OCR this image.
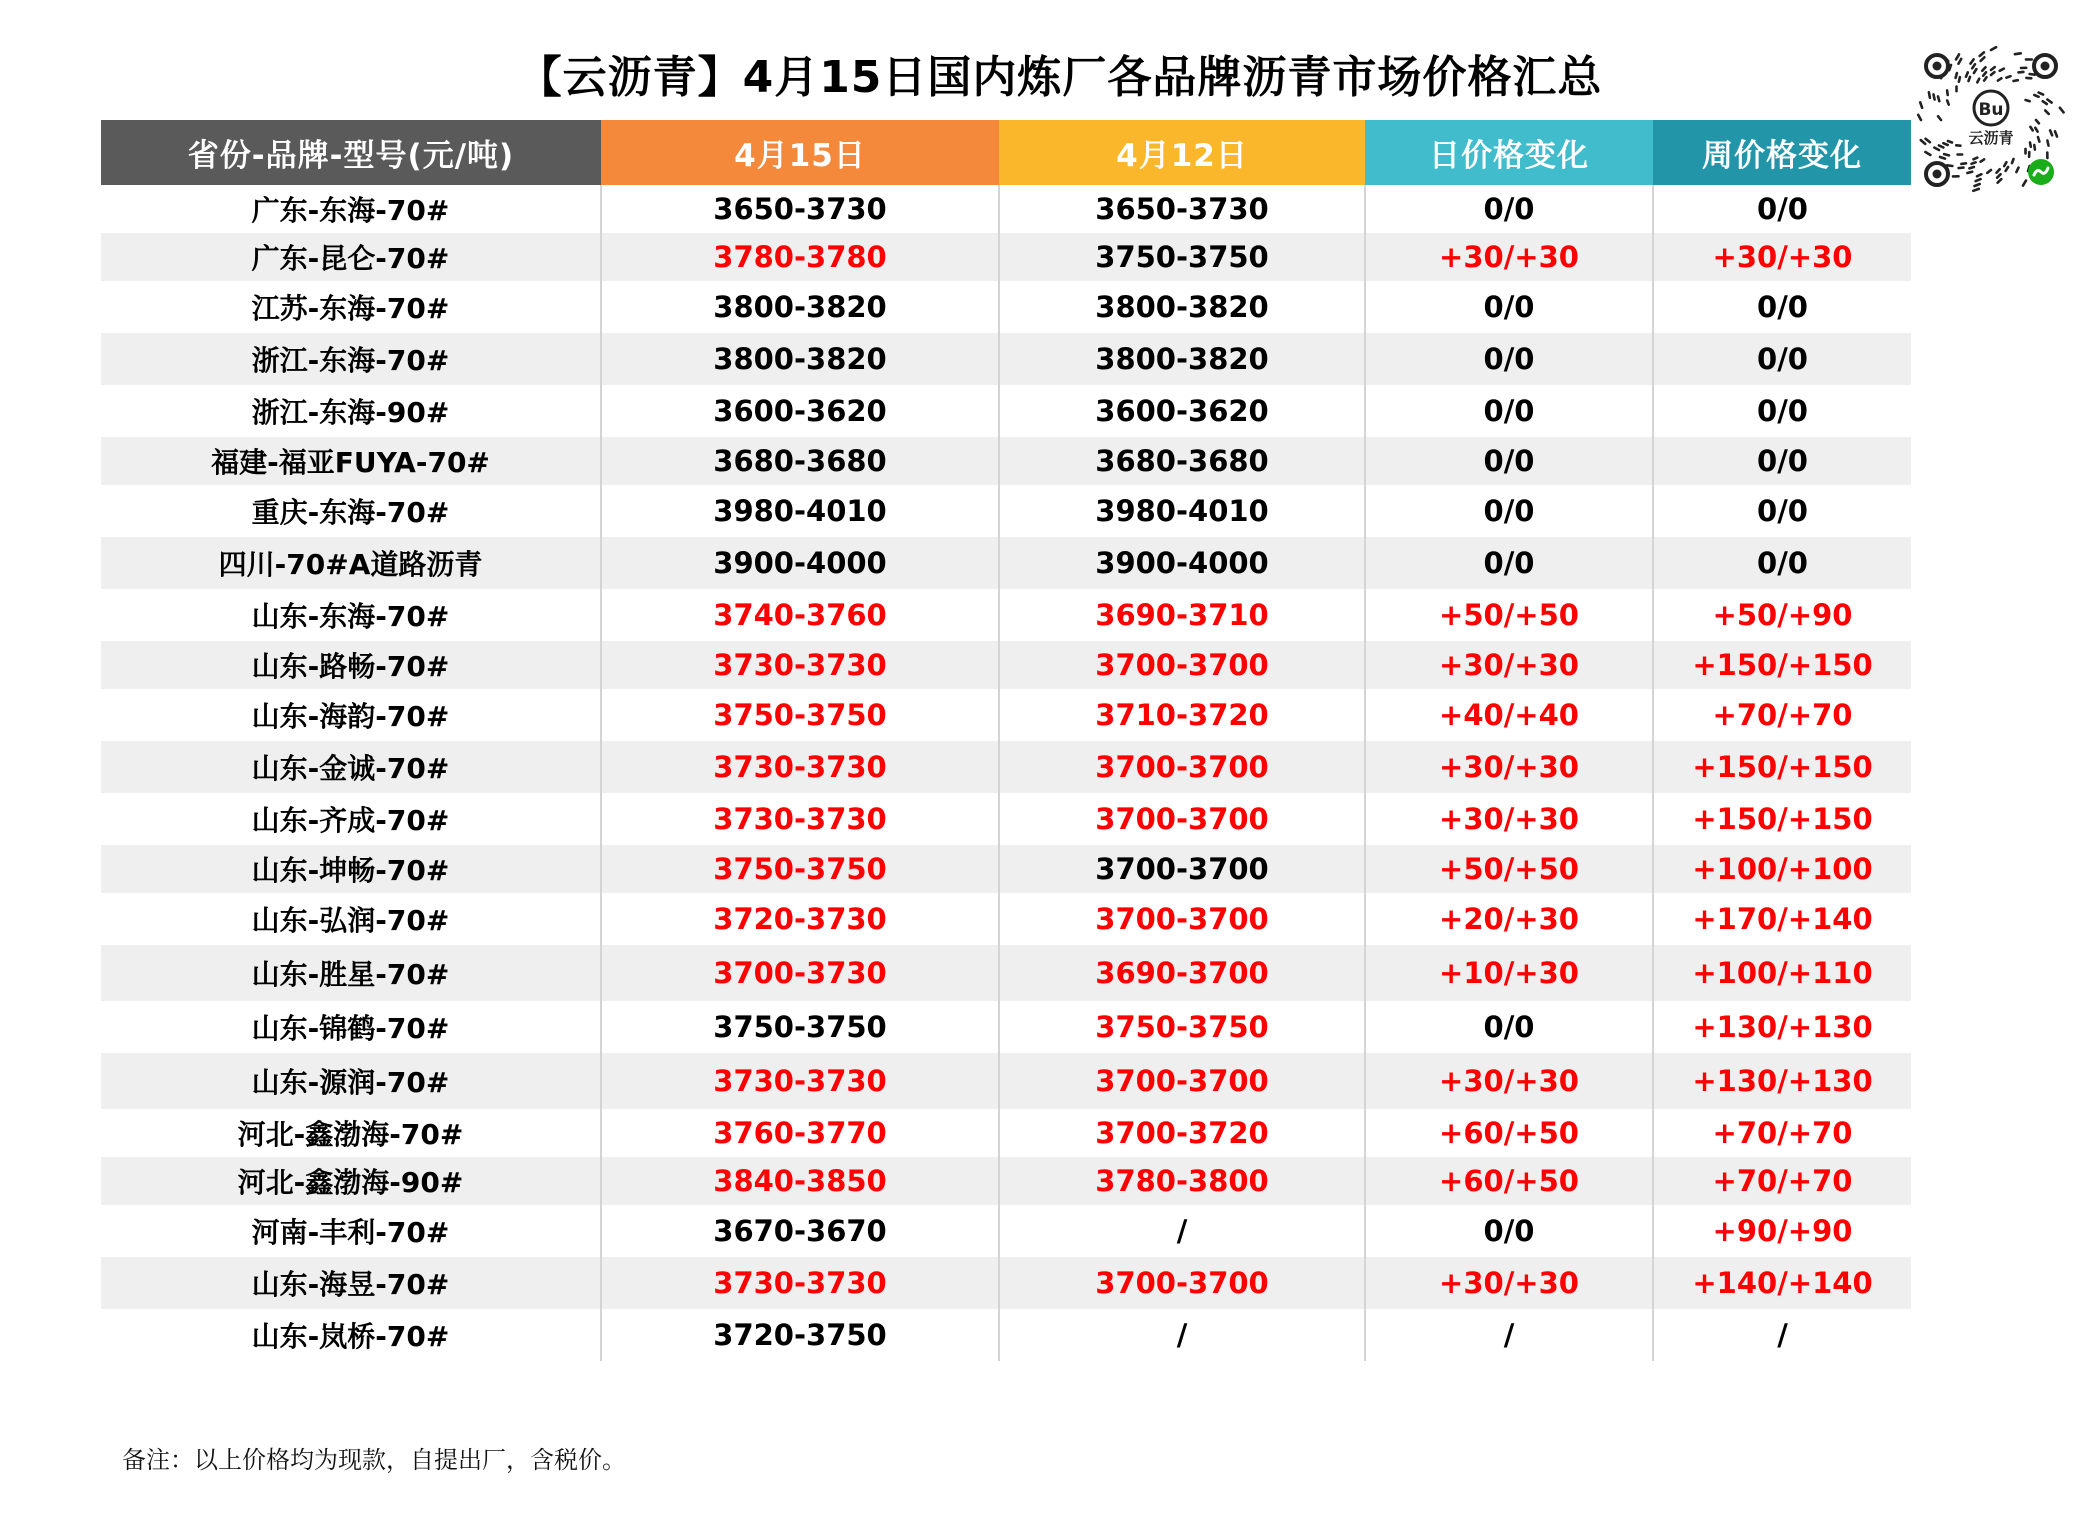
【云沥青】4月15日国内炼厂各品牌沥青市场价格汇总
省份-品牌-型号(元/吨)	4月15日	4月12日	日价格变化	周价格变化
广东-东海-70#	3650-3730	3650-3730	0/0	0/0
广东-昆仑-70#	3780-3780	3750-3750	+30/+30	+30/+30
江苏-东海-70#	3800-3820	3800-3820	0/0	0/0
浙江-东海-70#	3800-3820	3800-3820	0/0	0/0
浙江-东海-90#	3600-3620	3600-3620	0/0	0/0
福建-福亚FUYA-70#	3680-3680	3680-3680	0/0	0/0
重庆-东海-70#	3980-4010	3980-4010	0/0	0/0
四川-70#A道路沥青	3900-4000	3900-4000	0/0	0/0
山东-东海-70#	3740-3760	3690-3710	+50/+50	+50/+90
山东-路畅-70#	3730-3730	3700-3700	+30/+30	+150/+150
山东-海韵-70#	3750-3750	3710-3720	+40/+40	+70/+70
山东-金诚-70#	3730-3730	3700-3700	+30/+30	+150/+150
山东-齐成-70#	3730-3730	3700-3700	+30/+30	+150/+150
山东-坤畅-70#	3750-3750	3700-3700	+50/+50	+100/+100
山东-弘润-70#	3720-3730	3700-3700	+20/+30	+170/+140
山东-胜星-70#	3700-3730	3690-3700	+10/+30	+100/+110
山东-锦鹤-70#	3750-3750	3750-3750	0/0	+130/+130
山东-源润-70#	3730-3730	3700-3700	+30/+30	+130/+130
河北-鑫渤海-70#	3760-3770	3700-3720	+60/+50	+70/+70
河北-鑫渤海-90#	3840-3850	3780-3800	+60/+50	+70/+70
河南-丰利-70#	3670-3670	/	0/0	+90/+90
山东-海昱-70#	3730-3730	3700-3700	+30/+30	+140/+140
山东-岚桥-70#	3720-3750	/	/	/
备注：以上价格均为现款，自提出厂，含税价。
Bu
云沥青
